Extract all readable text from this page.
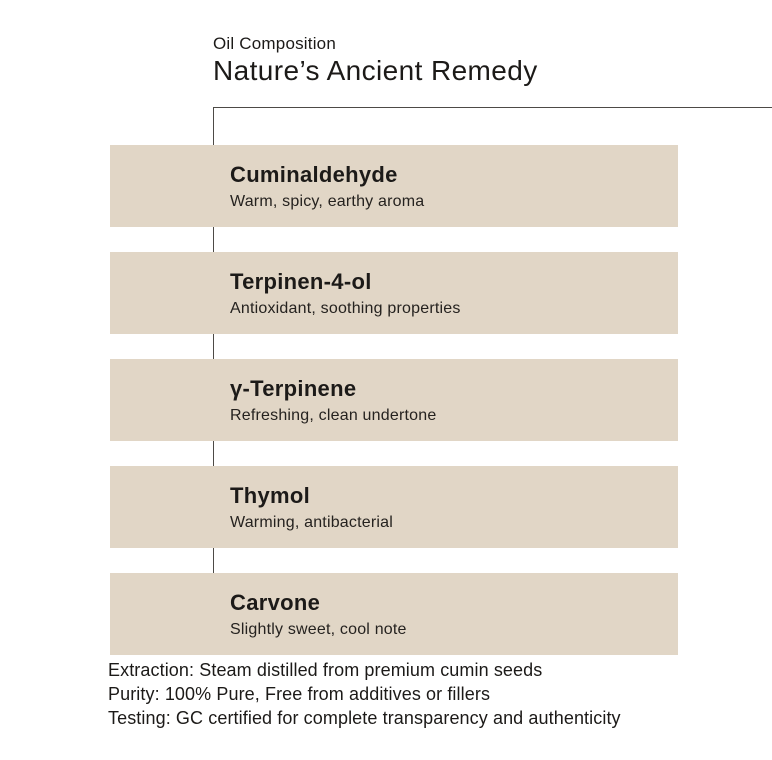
Oil Composition
Nature’s Ancient Remedy
Cuminaldehyde
Warm, spicy, earthy aroma
Terpinen-4-ol
Antioxidant, soothing properties
γ-Terpinene
Refreshing, clean undertone
Thymol
Warming, antibacterial
Carvone
Slightly sweet, cool note
Extraction: Steam distilled from premium cumin seeds
Purity: 100% Pure, Free from additives or fillers
Testing: GC certified for complete transparency and authenticity
